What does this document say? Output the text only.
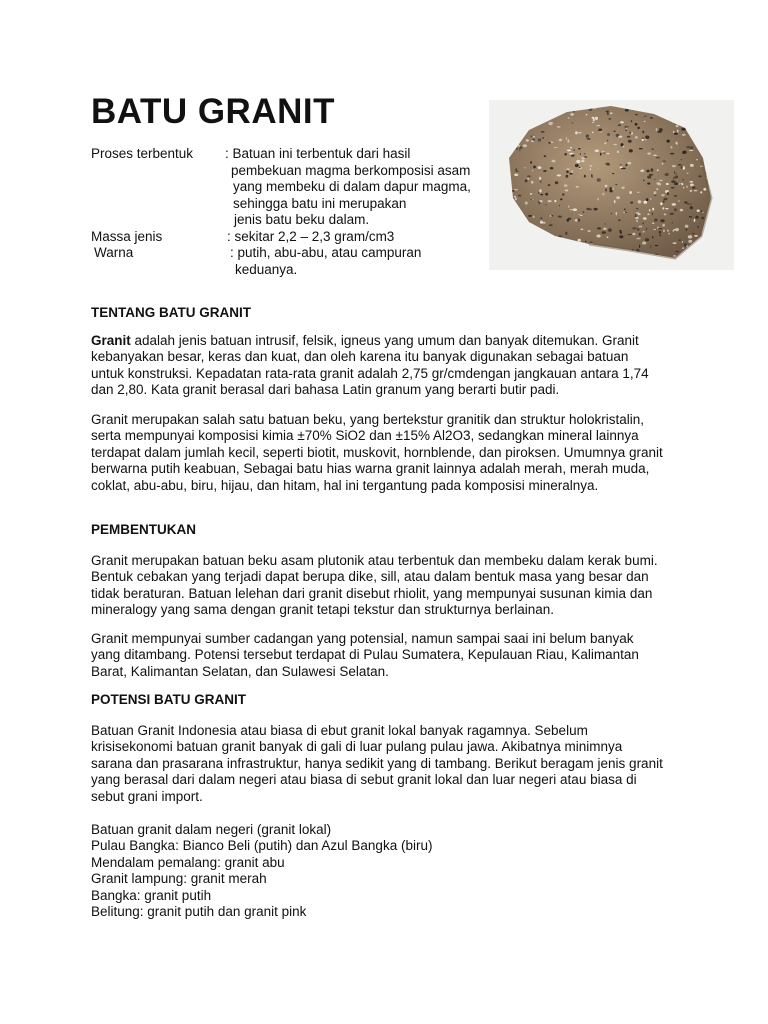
BATU GRANIT
Proses terbentuk	: Batuan ini terbentuk dari hasil
pembekuan magma berkomposisi asam
yang membeku di dalam dapur magma,
sehingga batu ini merupakan
jenis batu beku dalam.
Massa jenis	: sekitar 2,2 – 2,3 gram/cm3
Warna	: putih, abu-abu, atau campuran
keduanya.
TENTANG BATU GRANIT

Granit adalah jenis batuan intrusif, felsik, igneus yang umum dan banyak ditemukan. Granit
kebanyakan besar, keras dan kuat, dan oleh karena itu banyak digunakan sebagai batuan
untuk konstruksi. Kepadatan rata-rata granit adalah 2,75 gr/cmdengan jangkauan antara 1,74
dan 2,80. Kata granit berasal dari bahasa Latin granum yang berarti butir padi.

Granit merupakan salah satu batuan beku, yang bertekstur granitik dan struktur holokristalin,
serta mempunyai komposisi kimia ±70% SiO2 dan ±15% Al2O3, sedangkan mineral lainnya
terdapat dalam jumlah kecil, seperti biotit, muskovit, hornblende, dan piroksen. Umumnya granit
berwarna putih keabuan, Sebagai batu hias warna granit lainnya adalah merah, merah muda,
coklat, abu-abu, biru, hijau, dan hitam, hal ini tergantung pada komposisi mineralnya.

PEMBENTUKAN

Granit merupakan batuan beku asam plutonik atau terbentuk dan membeku dalam kerak bumi.
Bentuk cebakan yang terjadi dapat berupa dike, sill, atau dalam bentuk masa yang besar dan
tidak beraturan. Batuan lelehan dari granit disebut rhiolit, yang mempunyai susunan kimia dan
mineralogy yang sama dengan granit tetapi tekstur dan strukturnya berlainan.

Granit mempunyai sumber cadangan yang potensial, namun sampai saai ini belum banyak
yang ditambang. Potensi tersebut terdapat di Pulau Sumatera, Kepulauan Riau, Kalimantan
Barat, Kalimantan Selatan, dan Sulawesi Selatan.

POTENSI BATU GRANIT

Batuan Granit Indonesia atau biasa di ebut granit lokal banyak ragamnya. Sebelum
krisisekonomi batuan granit banyak di gali di luar pulang pulau jawa. Akibatnya minimnya
sarana dan prasarana infrastruktur, hanya sedikit yang di tambang. Berikut beragam jenis granit
yang berasal dari dalam negeri atau biasa di sebut granit lokal dan luar negeri atau biasa di
sebut grani import.

Batuan granit dalam negeri (granit lokal)
Pulau Bangka: Bianco Beli (putih) dan Azul Bangka (biru)
Mendalam pemalang: granit abu
Granit lampung: granit merah
Bangka: granit putih
Belitung: granit putih dan granit pink
